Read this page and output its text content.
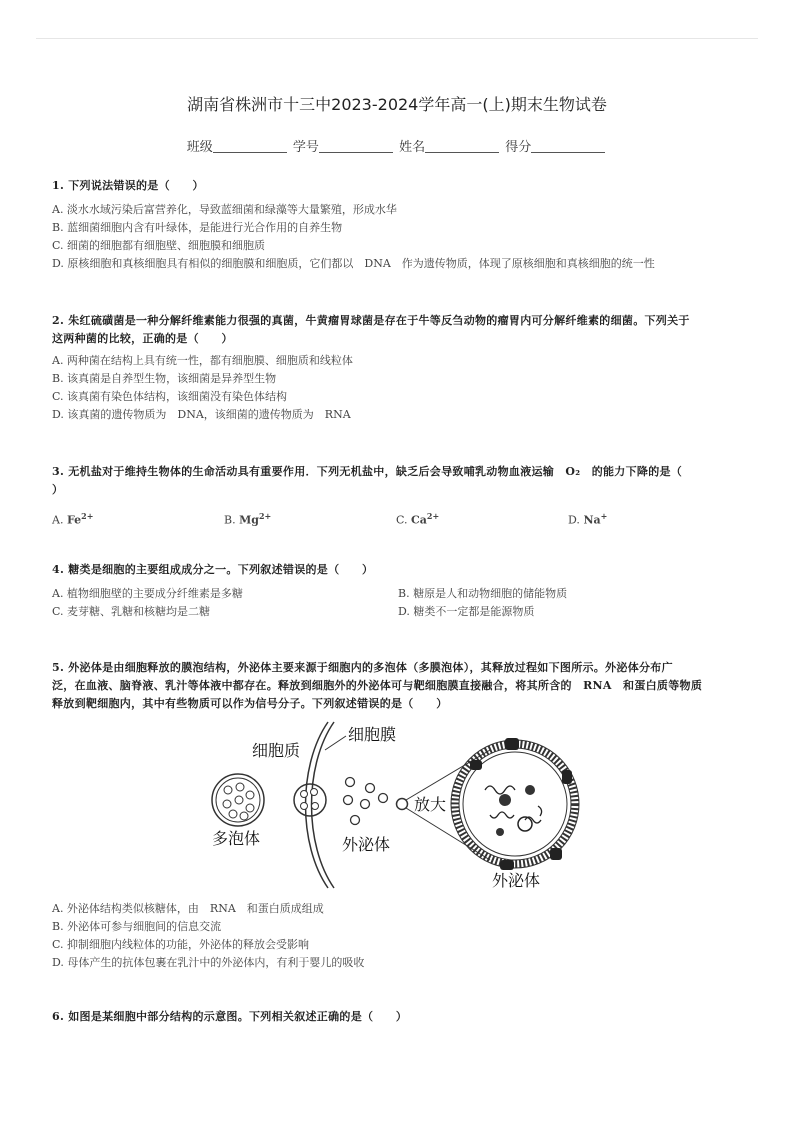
湖南省株洲市十三中2023-2024学年高一(上)期末生物试卷
班级	学号	姓名	得分
1. 下列说法错误的是（　　）
A. 淡水水域污染后富营养化，导致蓝细菌和绿藻等大量繁殖，形成水华
B. 蓝细菌细胞内含有叶绿体，是能进行光合作用的自养生物
C. 细菌的细胞都有细胞壁、细胞膜和细胞质
D. 原核细胞和真核细胞具有相似的细胞膜和细胞质，它们都以　DNA　作为遗传物质，体现了原核细胞和真核细胞的统一性
2. 朱红硫磺菌是一种分解纤维素能力很强的真菌，牛黄瘤胃球菌是存在于牛等反刍动物的瘤胃内可分解纤维素的细菌。下列关于
这两种菌的比较，正确的是（　　）
A. 两种菌在结构上具有统一性，都有细胞膜、细胞质和线粒体
B. 该真菌是自养型生物，该细菌是异养型生物
C. 该真菌有染色体结构，该细菌没有染色体结构
D. 该真菌的遗传物质为　DNA，该细菌的遗传物质为　RNA
3. 无机盐对于维持生物体的生命活动具有重要作用．下列无机盐中，缺乏后会导致哺乳动物血液运输　O₂　的能力下降的是（
）
A. $Fe^{2+}$	B. $Mg^{2+}$	C. $Ca^{2+}$	D. Na+
4. 糖类是细胞的主要组成成分之一。下列叙述错误的是（　　）
A. 植物细胞壁的主要成分纤维素是多糖	B. 糖原是人和动物细胞的储能物质
C. 麦芽糖、乳糖和核糖均是二糖	D. 糖类不一定都是能源物质
5. 外泌体是由细胞释放的膜泡结构，外泌体主要来源于细胞内的多泡体（多膜泡体），其释放过程如下图所示。外泌体分布广
泛，在血液、脑脊液、乳汁等体液中都存在。释放到细胞外的外泌体可与靶细胞膜直接融合，将其所含的　RNA　和蛋白质等物质
释放到靶细胞内，其中有些物质可以作为信号分子。下列叙述错误的是（　　）
细胞膜
细胞质
多泡体	外泌体
放大
外泌体
A. 外泌体结构类似核糖体，由　RNA　和蛋白质成组成
B. 外泌体可参与细胞间的信息交流
C. 抑制细胞内线粒体的功能，外泌体的释放会受影响
D. 母体产生的抗体包裹在乳汁中的外泌体内，有利于婴儿的吸收
6. 如图是某细胞中部分结构的示意图。下列相关叙述正确的是（　　）
